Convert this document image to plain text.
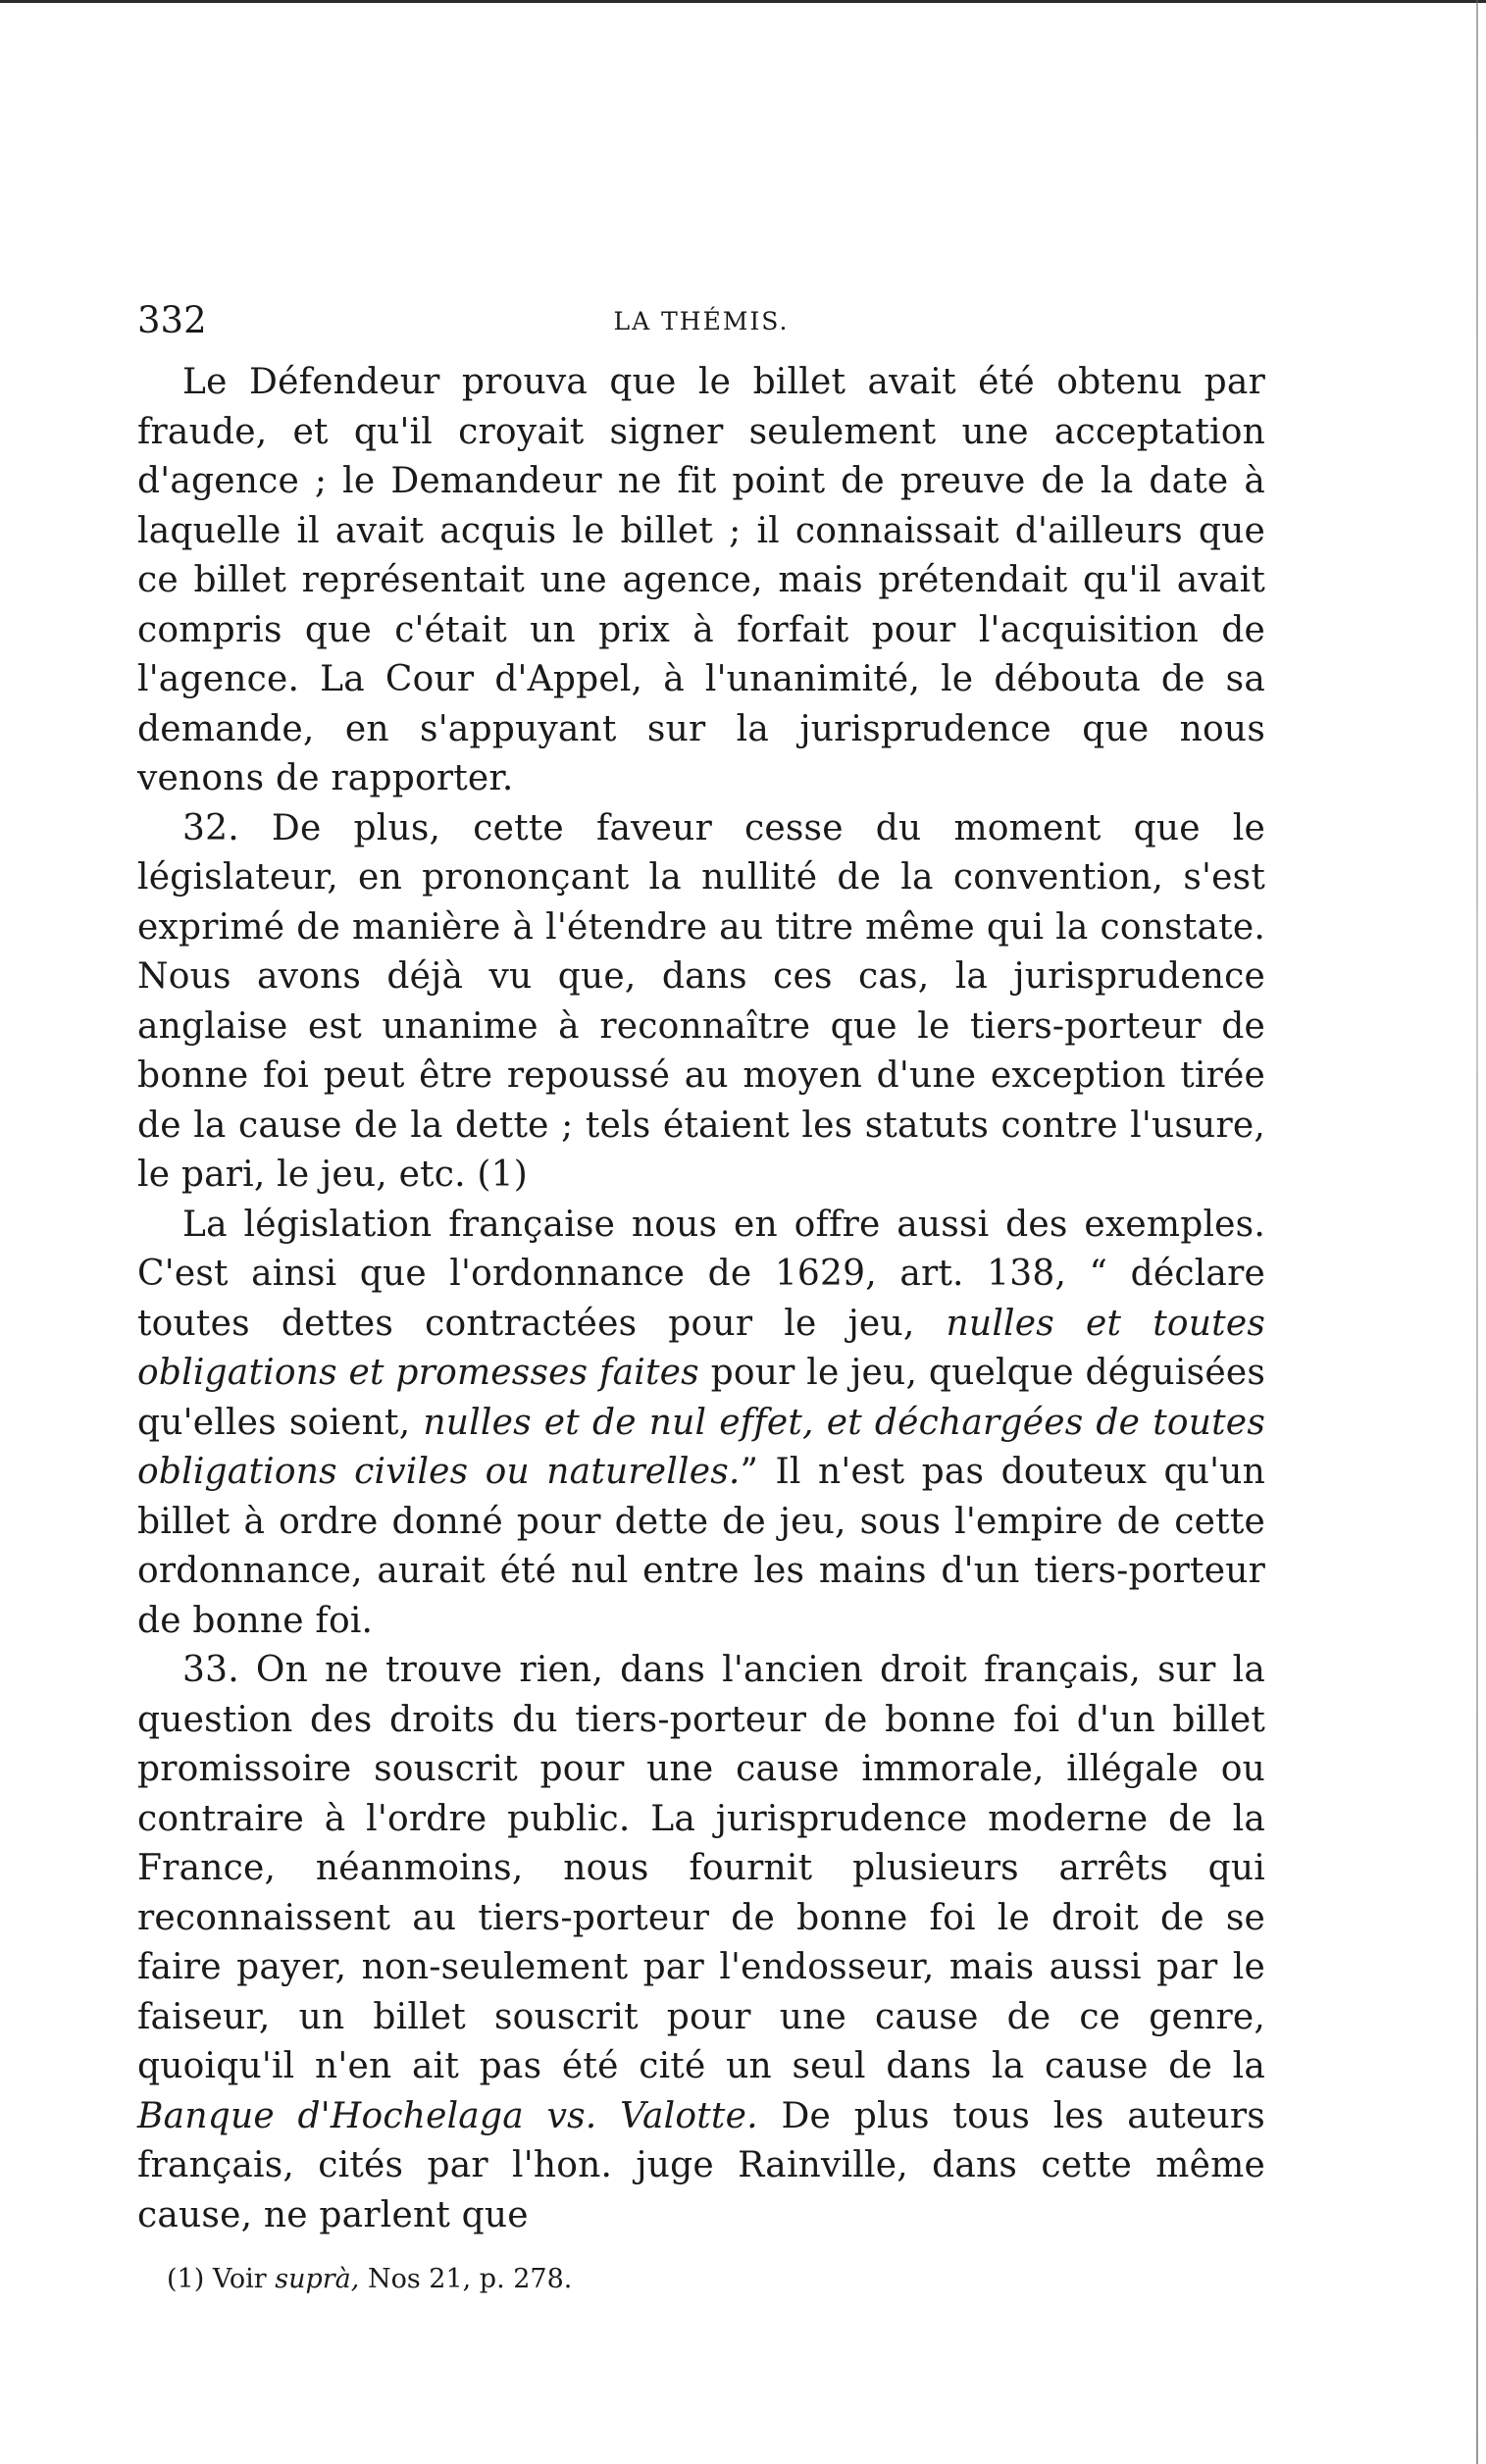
332	LA THÉMIS.

Le Défendeur prouva que le billet avait été obtenu par fraude, et qu'il croyait signer seulement une acceptation d'agence ; le Demandeur ne fit point de preuve de la date à laquelle il avait acquis le billet ; il connaissait d'ailleurs que ce billet représentait une agence, mais prétendait qu'il avait compris que c'était un prix à forfait pour l'acquisition de l'agence. La Cour d'Appel, à l'unanimité, le débouta de sa demande, en s'appuyant sur la jurisprudence que nous venons de rapporter.

32. De plus, cette faveur cesse du moment que le législateur, en prononçant la nullité de la convention, s'est exprimé de manière à l'étendre au titre même qui la constate. Nous avons déjà vu que, dans ces cas, la jurisprudence anglaise est unanime à reconnaître que le tiers-porteur de bonne foi peut être repoussé au moyen d'une exception tirée de la cause de la dette ; tels étaient les statuts contre l'usure, le pari, le jeu, etc. (1)

La législation française nous en offre aussi des exemples. C'est ainsi que l'ordonnance de 1629, art. 138, “ déclare toutes dettes contractées pour le jeu, nulles et toutes obligations et promesses faites pour le jeu, quelque déguisées qu'elles soient, nulles et de nul effet, et déchargées de toutes obligations civiles ou naturelles.” Il n'est pas douteux qu'un billet à ordre donné pour dette de jeu, sous l'empire de cette ordonnance, aurait été nul entre les mains d'un tiers-porteur de bonne foi.

33. On ne trouve rien, dans l'ancien droit français, sur la question des droits du tiers-porteur de bonne foi d'un billet promissoire souscrit pour une cause immorale, illégale ou contraire à l'ordre public. La jurisprudence moderne de la France, néanmoins, nous fournit plusieurs arrêts qui reconnaissent au tiers-porteur de bonne foi le droit de se faire payer, non-seulement par l'endosseur, mais aussi par le faiseur, un billet souscrit pour une cause de ce genre, quoiqu'il n'en ait pas été cité un seul dans la cause de la Banque d'Hochelaga vs. Valotte. De plus tous les auteurs français, cités par l'hon. juge Rainville, dans cette même cause, ne parlent que

(1) Voir suprà, Nos 21, p. 278.
